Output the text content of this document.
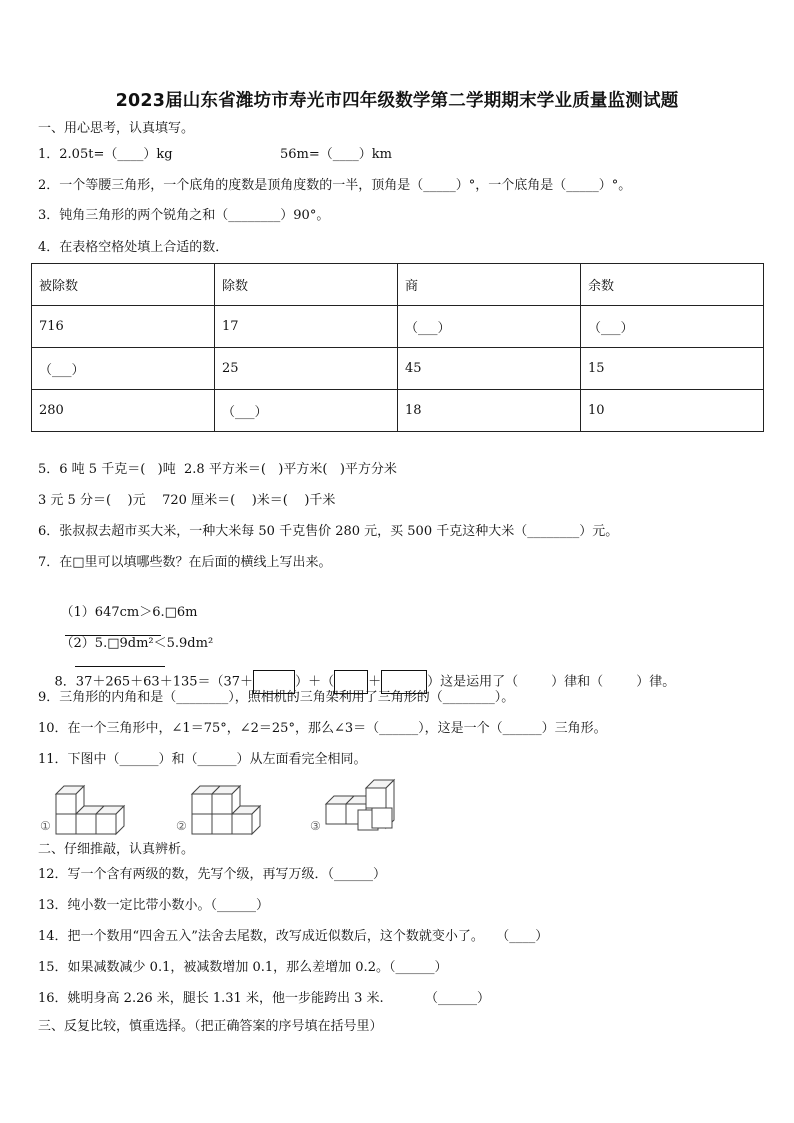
2023届山东省潍坊市寿光市四年级数学第二学期期末学业质量监测试题
一、用心思考，认真填写。
1．2.05t=（____）kg	56m=（____）km
2．一个等腰三角形，一个底角的度数是顶角度数的一半，顶角是（_____）°，一个底角是（_____）°。
3．钝角三角形的两个锐角之和（________）90°。
4．在表格空格处填上合适的数．
被除数	除数	商	余数
716	17	（___）	（___）
（___）	25	45	15
280	（___）	18	10
5．6 吨 5 千克＝(   )吨  2.8 平方米＝(   )平方米(   )平方分米
3 元 5 分＝(    )元    720 厘米＝(    )米＝(    )千米
6．张叔叔去超市买大米，一种大米每 50 千克售价 280 元，买 500 千克这种大米（________）元。
7．在□里可以填哪些数？在后面的横线上写出来。

（1）647cm＞6.□6m

（2）5.□9dm²＜5.9dm²

8．37＋265＋63＋135＝（37＋	）＋（	＋	）这是运用了（        ）律和（        ）律。

9．三角形的内角和是（________），照相机的三角架利用了三角形的（________）。
10．在一个三角形中，∠1＝75°，∠2＝25°，那么∠3＝（______），这是一个（______）三角形。
11．下图中（______）和（______）从左面看完全相同。
①	②	③
二、仔细推敲，认真辨析。
12．写一个含有两级的数，先写个级，再写万级．（______）
13．纯小数一定比带小数小。（______）
14．把一个数用“四舍五入”法舍去尾数，改写成近似数后，这个数就变小了。   （____）
15．如果减数减少 0.1，被减数增加 0.1，那么差增加 0.2。（______）
16．姚明身高 2.26 米，腿长 1.31 米，他一步能跨出 3 米.          （______）
三、反复比较，慎重选择。（把正确答案的序号填在括号里）
